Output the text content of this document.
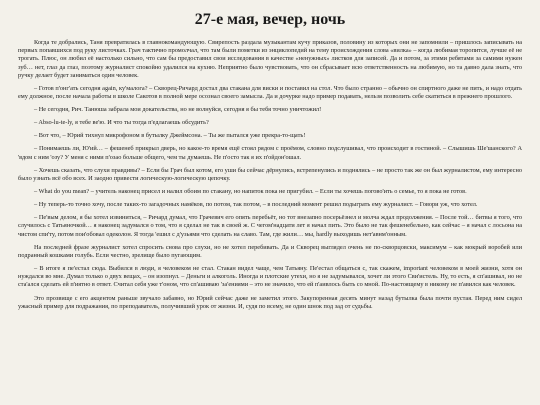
27-е мая, вечер, ночь

Когда те добрались, Таня превратилась в главнокомандующую. Свирепость раздала музыкантам кучу приказов, половину из которых они не запомнили – пришлось записывать на первых попавшихся под руку листочках. Грач тактично промолчал, что там были пометки из энциклопедий на тему происхождения слова «вилка» – когда любимая торопится, лучше её не трогать. Плюс, он любил её настолько сильно, что сам бы предоставил свои исследования в качестве «ненужных» листков для записей. Да и потом, за этими ребятами за самими нужен зуб… нет, глаз да глаз, поэтому журналист спокойно удалился на кухню. Неприятно было чувствовать, что он сбрасывает всю ответственность на любимую, но та давно дала знать, что ручку делает будет заниматься один человек.

– Готов п'онг'ать сегодня again, ку'малога? – Скворец-Ричард достал два стакана для виски и поставил на стол. Что было странно – обычно он спиртного даже не пить, и надо отдать ему должное, после начала работы в школе Сакотов в полной мере осознал своего замысла. Да и дочурке надо пример подавать, нельзя позволить себе скатиться в прежнего прошлого.

– Не сегодня, Рич. Танюша забрала мои докательства, но не волнуйся, сегодня я бы тебя точно уничтожил!

– Abso-lu-te-ly, я тебе ве'ю. И что ты тогда п'едлагаешь обсудить?

– Вот что, – Юрий тихнул микрофоном в бутылку Джеймсона. – Ты же пытался уже прекра-то-щать!

– Понимаешь ли, Ю'ий… – фешенеб прикрыл дверь, но какое-то время ещё стоял рядом с проёмом, словно подслушивал, что происходит в гостиной. – Слышишь Ше'шанского? А 'вдом с ним 'озу? У меня с ними п'озао больше общего, чем ты думаешь. Не п'осто так я их п'ойдон'ошал.

– Хочешь сказать, что слухи правдивы? – Если бы Грач был котом, его уши бы сейчас дёрнулись, встрепенулись и поднялись – не просто так же он был журналистом, ему интересно было узнать всё обо всех. И заодно привести логическую-логическую цепочку.

– What do you mean? – учитель наконец присел и налил обоим по стакану, но напиток пока не пригубил. – Если ты хочешь погово'ить о семье, то я пока не готов.

– Ну теперь-то точно хочу, после таких-то загадочных намёков, по потом, так потом, – в последний момент решил подыграть ему журналист. – Говори уж, что хотел.

– Пе'вым делом, я бы хотел извиниться, – Ричард думал, что Грачевич его опять перебьёт, но тот внезапно посерьёзнел и молча ждал продолжения. – После той… битвы я того, что случилось с Татьяночкой… я наконец задумался о том, что я сделал не так в своей ж. С чегом'надцати лет я начал пить. Это было не так фешенебельно, как сейчас – я начал с лосьона на чистом спи'ту, потом пои'обовал одеколон. Я тогда 'ешил с д'узьями что сделать на славо. Там, где жили… мы, hardly выходишь нет'авнм'онным.

На последней фразе журналист хотел спросить снова про слухи, но не хотел перебивать. Да и Скворец выглядел очень не по-скворцовски, максимум – как мокрый воробей или подранный кошками голубь. Если честно, зрелище было пугающим.

– В итоге я пе'естал сюда. Выбился в люди, я человеком не стал. Стакан видел чаще, чем Татьяну. Пе'естал общаться с, так скажем, important человеком в моей жизни, хотя он нуждался во мне. Думал только о двух вещах, – он изопнул. – Деньги и алкоголь. Иногда и плотские утехи, но я не задумывался, хочет ли этого Сви'истель. Ну, то есть, я сп'ашивал, но не ста'ался сделать ей п'иятно в ответ. Считал себя уже т'оном, что сп'ашиваю 'за'ениями – это не значило, что ей п'аивлось быть со мной. По-настоящему в никому не п'авился как человек.

Это прозвище с его акцентом раньше звучало забавно, но Юрий сейчас даже не заметил этого. Закупоренная десять минут назад бутылка была почти пустая. Перед ним сидел ужасный пример для подражания, по преподаватель, получивший урок от жизни. И, судя по всему, не один шнок под зад от судьбы.
